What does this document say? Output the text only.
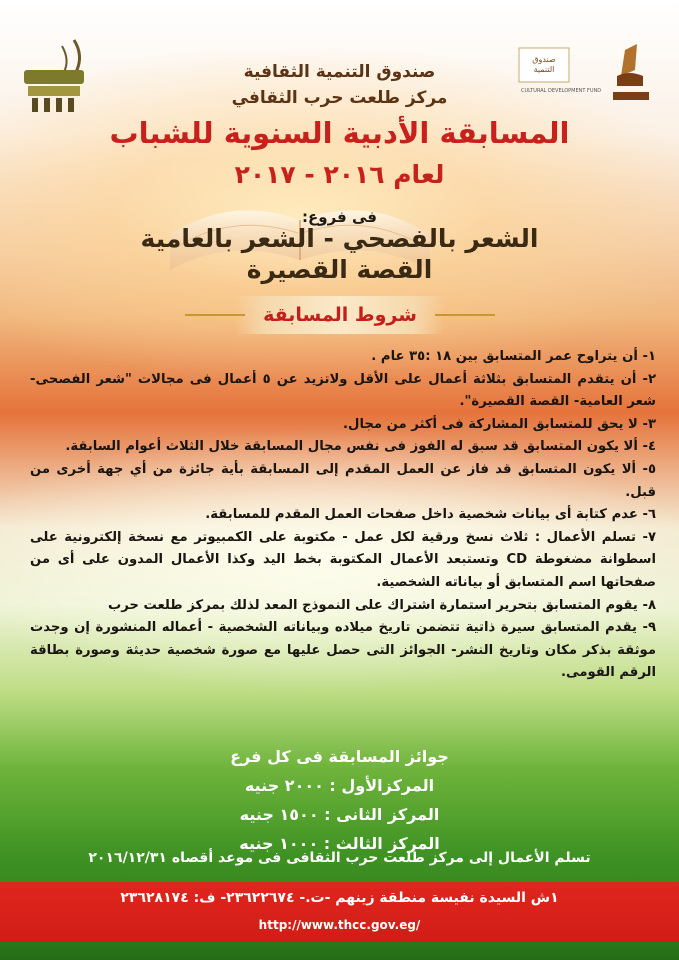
صندوق
التنمية
CULTURAL DEVELOPMENT FUND
صندوق التنمية الثقافية
مركز طلعت حرب الثقافي
المسابقة الأدبية السنوية للشباب
لعام ٢٠١٦ - ٢٠١٧
فى فروع:
الشعر بالفصحي - الشعر بالعامية
القصة القصيرة
شروط المسابقة

١- أن يتراوح عمر المتسابق بين ١٨ :٣٥ عام .

٢- أن يتقدم المتسابق بثلاثة أعمال على الأقل ولاتزيد عن ٥ أعمال فى مجالات "شعر الفصحى- شعر العامية- القصة القصيرة".

٣- لا يحق للمتسابق المشاركة فى أكثر من مجال.

٤- ألا يكون المتسابق قد سبق له الفوز فى نفس مجال المسابقة خلال الثلاث أعوام السابقة.

٥- ألا يكون المتسابق قد فاز عن العمل المقدم إلى المسابقة بأية جائزة من أي جهة أخرى من قبل.

٦- عدم كتابة أى بيانات شخصية داخل صفحات العمل المقدم للمسابقة.

٧- تسلم الأعمال : ثلاث نسخ ورقية لكل عمل - مكتوبة على الكمبيوتر مع نسخة إلكترونية على اسطوانة مضغوطة CD وتستبعد الأعمال المكتوبة بخط اليد وكذا الأعمال المدون على أى من صفحاتها اسم المتسابق أو بياناته الشخصية.

٨- يقوم المتسابق بتحرير استمارة اشتراك على النموذج المعد لذلك بمركز طلعت حرب

٩- يقدم المتسابق سيرة ذاتية تتضمن تاريخ ميلاده وبياناته الشخصية - أعماله المنشورة إن وجدت موثقة بذكر مكان وتاريخ النشر- الجوائز التى حصل عليها مع صورة شخصية حديثة وصورة بطاقة الرقم القومى.

جوائز المسابقة فى كل فرع

المركزالأول : ٢٠٠٠ جنيه

المركز الثانى : ١٥٠٠ جنيه

المركز الثالث : ١٠٠٠ جنيه

تسلم الأعمال إلى مركز طلعت حرب الثقافى فى موعد أقصاه ٢٠١٦/١٢/٣١
١ش السيدة نفيسة منطقة زينهم -ت.- ٢٣٦٢٢٦٧٤- ف: ٢٣٦٢٨١٧٤
http://www.thcc.gov.eg/
